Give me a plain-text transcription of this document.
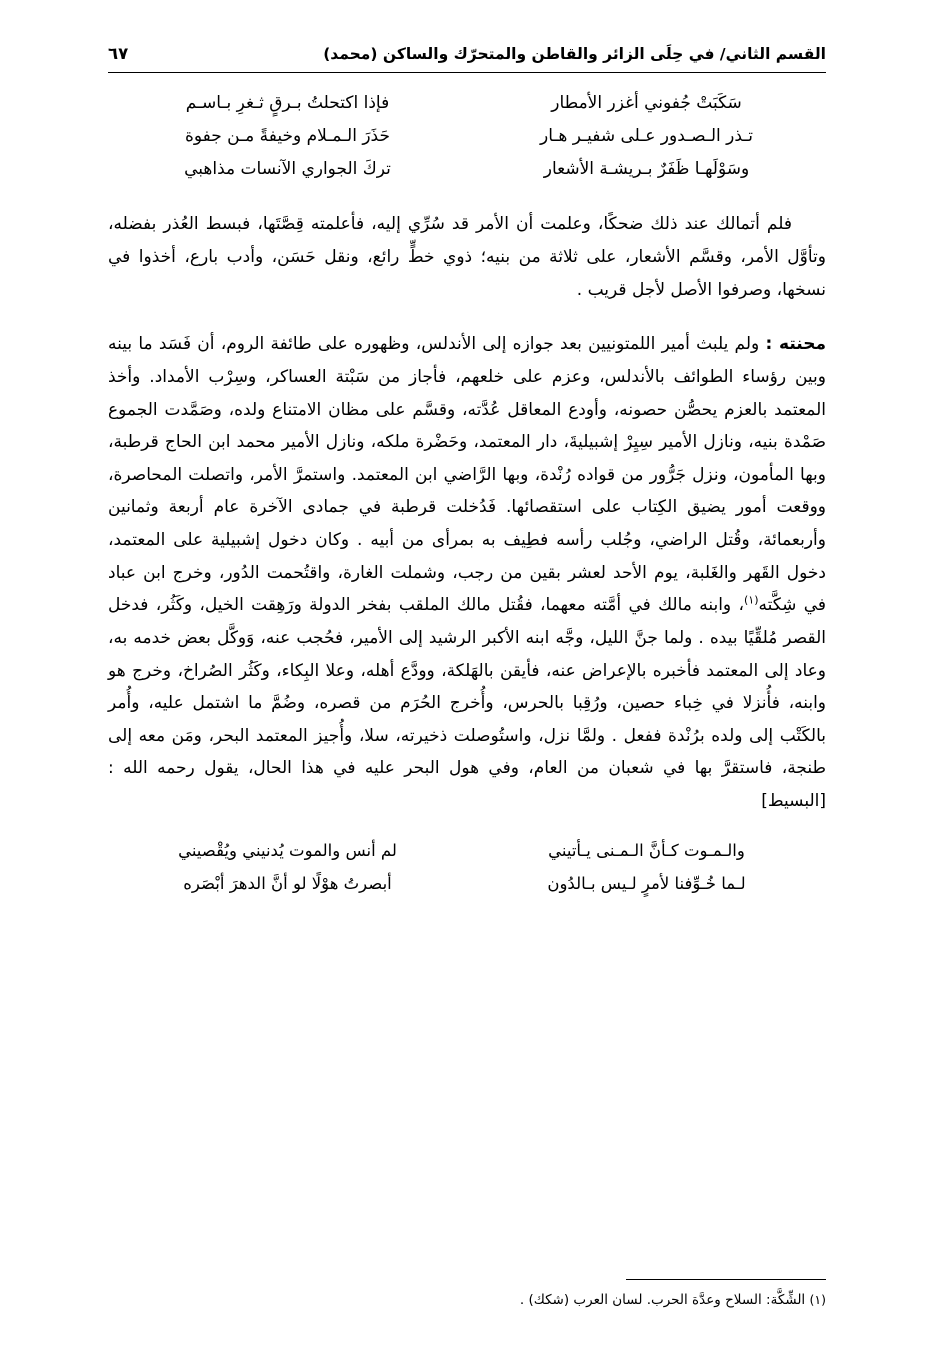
القسم الثاني/ في حِلَى الزائر والقاطن والمتحرّك والساكن (محمد)
٦٧
سَكَبَتْ جُفوني أغزر الأمطار
فإذا اكتحلتُ بـرقٍ ثـغرِ بـاسـم
تـذر الـصـدور عـلى شفيـر هـار
حَذَرَ الـمـلام وخيفةً مـن جفوة
وسَوْلَهـا ظَفَرٌ بـريشـة الأشعار
تركَ الجواري الآنسات مذاهبي

فلم أتمالك عند ذلك ضحكًا، وعلمت أن الأمر قد سُرِّي إليه، فأعلمته قِصَّتَها، فبسط العُذر بفضله، وتأوَّل الأمر، وقسَّم الأشعار، على ثلاثة من بنيه؛ ذوي خطٍّ رائع، ونقل حَسَن، وأدب بارع، أخذوا في نسخها، وصرفوا الأصل لأجل قريب .

محنته : ولم يلبث أمير اللمتونيين بعد جوازه إلى الأندلس، وظهوره على طائفة الروم، أن فَسَد ما بينه وبين رؤساء الطوائف بالأندلس، وعزم على خلعهم، فأجاز من سَبْتة العساكر، وسِرْب الأمداد. وأخذ المعتمد بالعزم يحصُّن حصونه، وأودع المعاقل عُدَّته، وقسَّم على مظان الامتناع ولده، وصَمَّدت الجموع صَمْدة بنيه، ونازل الأمير سِيِرْ إشبيليةَ، دار المعتمد، وحَضْرة ملكه، ونازل الأمير محمد ابن الحاج قرطبة، وبها المأمون، ونزل جَرُّور من قواده رُنْدة، وبها الرَّاضي ابن المعتمد. واستمرَّ الأمر، واتصلت المحاصرة، ووقعت أمور يضيق الكِتاب على استقصائها. فَدُخلت قرطبة في جمادى الآخرة عام أربعة وثمانين وأربعمائة، وقُتل الراضي، وجُلب رأسه فطِيف به بمرأى من أبيه . وكان دخول إشبيلية على المعتمد، دخول القَهر والغَلبة، يوم الأحد لعشر بقين من رجب، وشملت الغارة، واقتُحمت الدُور، وخرج ابن عباد في شِكَّته$^{(١)}$، وابنه مالك في أمَّته معهما، فقُتل مالك الملقب بفخر الدولة ورَهِقت الخيل، وكَثُر، فدخل القصر مُلقِّيًا بيده . ولما جنَّ الليل، وجَّه ابنه الأكبر الرشيد إلى الأمير، فحُجب عنه، وَوكَّل بعض خدمه به، وعاد إلى المعتمد فأخبره بالإعراض عنه، فأيقن بالهَلكة، وودَّع أهله، وعلا البِكاء، وكَثُر الصُراخ، وخرج هو وابنه، فأُنزلا في خِباء حصين، ورُقِبا بالحرس، وأُخرج الحُرَم من قصره، وضُمَّ ما اشتمل عليه، وأُمر بالكَتْب إلى ولده برُنْدة ففعل . ولمَّا نزل، واستُوصلت ذخيرته، سلا، وأُجيز المعتمد البحر، ومَن معه إلى طنجة، فاستقرَّ بها في شعبان من العام، وفي هول البحر عليه في هذا الحال، يقول رحمه الله : [البسيط]

والـمـوت كـأنَّ الـمـنى يـأتيني
لم أنس والموت يُدنيني ويُقْصيني
لـما خُـوِّفنا لأمرٍ لـيس بـالدُون
أبصرتُ هوْلًا لو أنَّ الدهرَ أبْصَره
(١) الشِّكَّة: السلاح وعدَّة الحرب. لسان العرب (شكك) .
